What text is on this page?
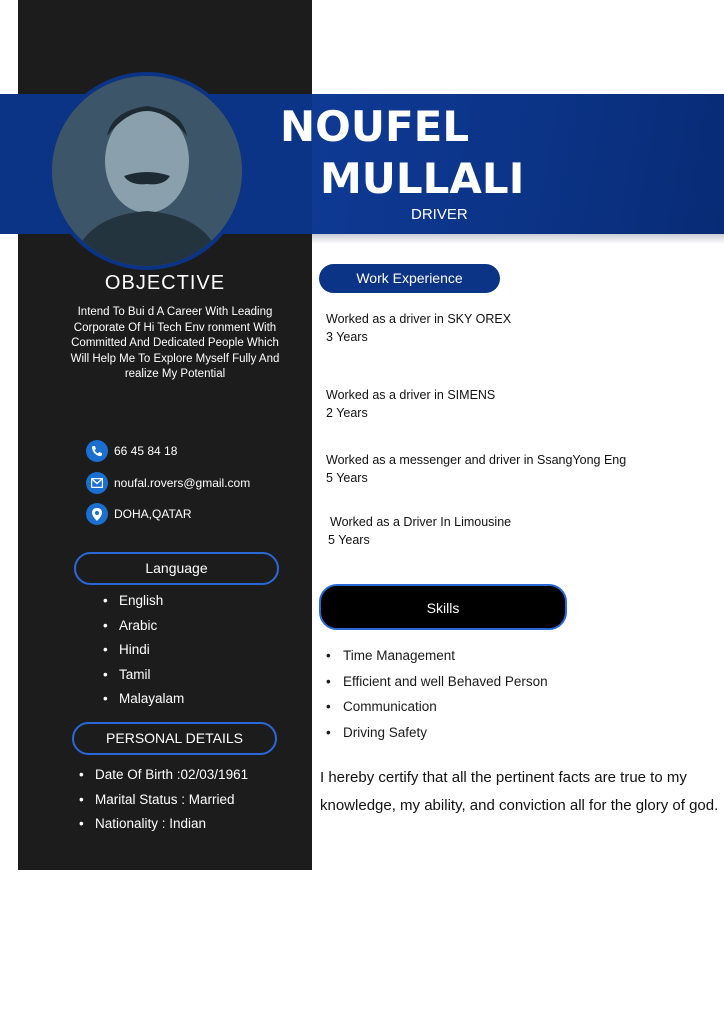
NOUFEL
MULLALI
DRIVER
OBJECTIVE
Intend To Bui d A Career With Leading Corporate Of Hi Tech Env ronment With Committed And Dedicated People Which Will Help Me To Explore Myself Fully And realize My Potential
66 45 84 18
noufal.rovers@gmail.com
DOHA,QATAR
Language
• English
• Arabic
• Hindi
• Tamil
• Malayalam
PERSONAL DETAILS
• Date Of Birth :02/03/1961
• Marital Status : Married
• Nationality : Indian
Work Experience
Worked as a driver in SKY OREX
3 Years
Worked as a driver in SIMENS
2 Years
Worked as a messenger and driver in SsangYong Eng
5 Years
Worked as a Driver In Limousine
5 Years
Skills
• Time Management
• Efficient and well Behaved Person
• Communication
• Driving Safety
I hereby certify that all the pertinent facts are true to my knowledge, my ability, and conviction all for the glory of god.
